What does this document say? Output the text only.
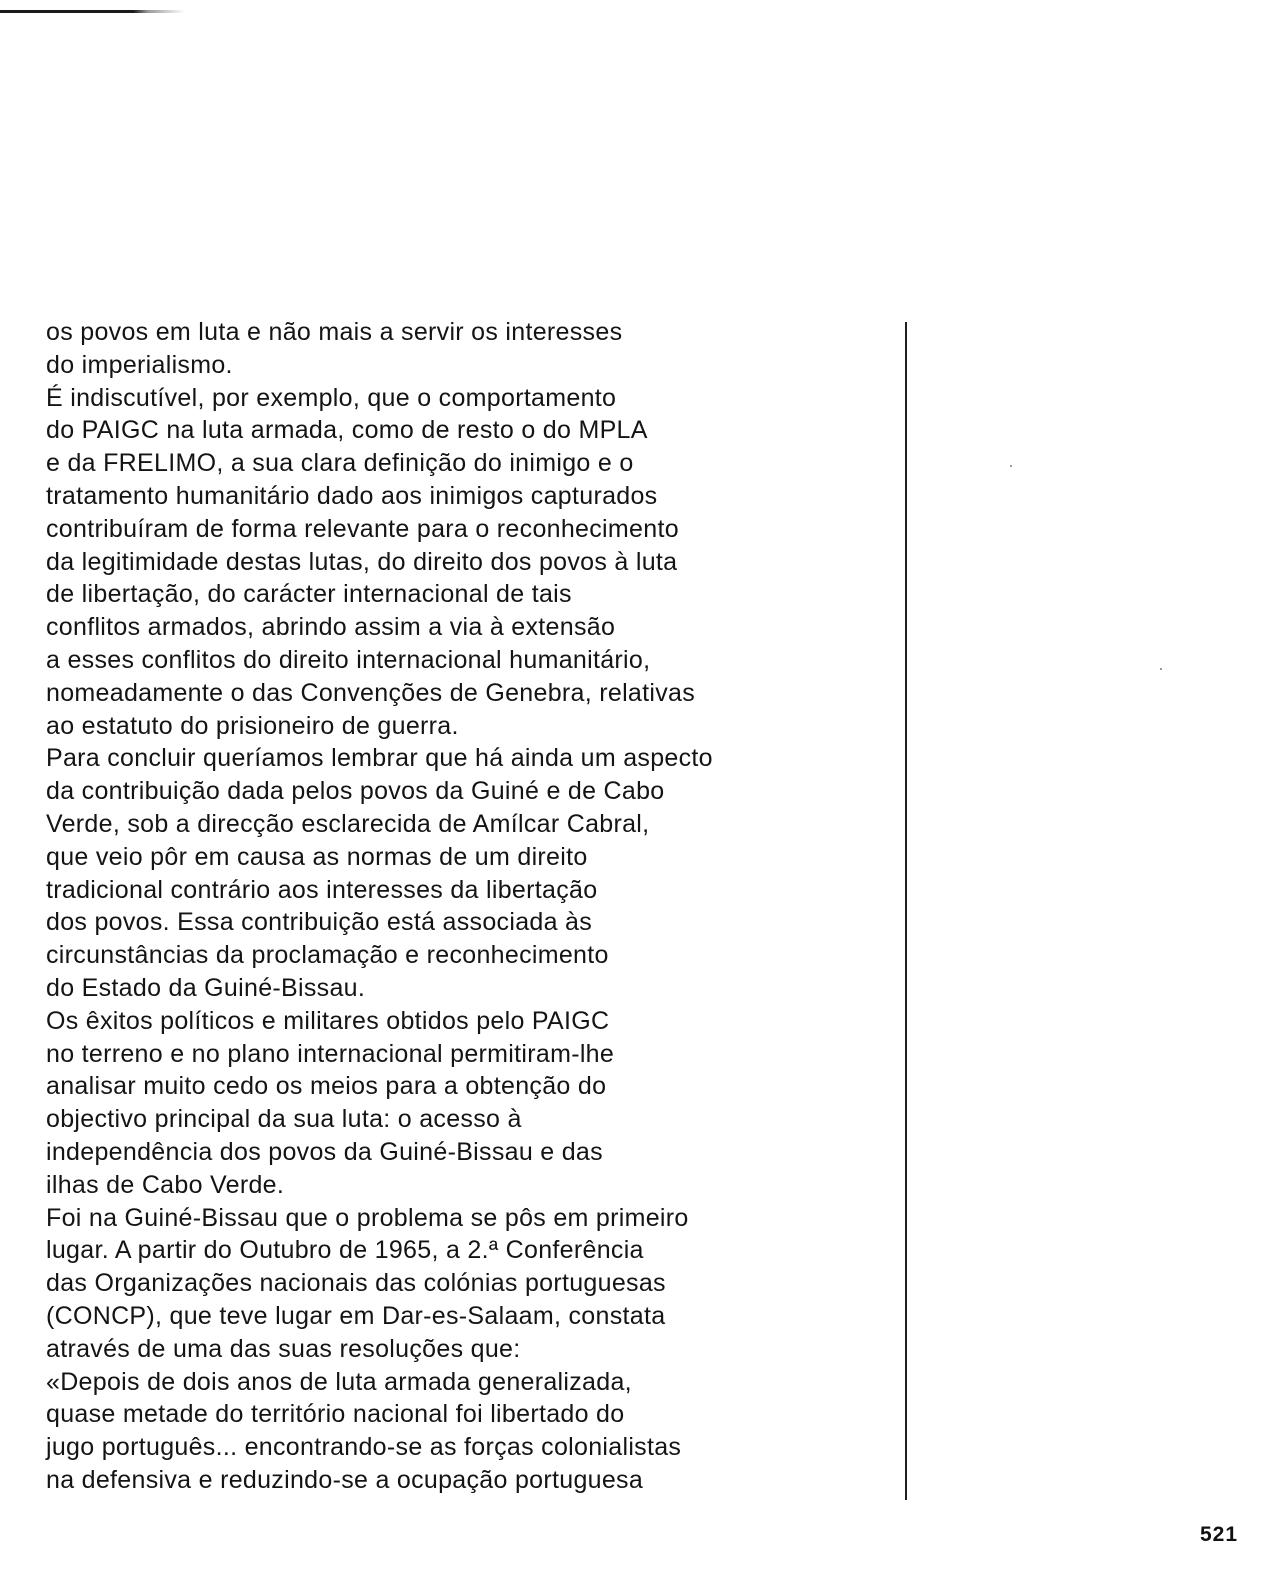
os povos em luta e não mais a servir os interesses
do imperialismo.
É indiscutível, por exemplo, que o comportamento
do PAIGC na luta armada, como de resto o do MPLA
e da FRELIMO, a sua clara definição do inimigo e o
tratamento humanitário dado aos inimigos capturados
contribuíram de forma relevante para o reconhecimento
da legitimidade destas lutas, do direito dos povos à luta
de libertação, do carácter internacional de tais
conflitos armados, abrindo assim a via à extensão
a esses conflitos do direito internacional humanitário,
nomeadamente o das Convenções de Genebra, relativas
ao estatuto do prisioneiro de guerra.
Para concluir queríamos lembrar que há ainda um aspecto
da contribuição dada pelos povos da Guiné e de Cabo
Verde, sob a direcção esclarecida de Amílcar Cabral,
que veio pôr em causa as normas de um direito
tradicional contrário aos interesses da libertação
dos povos. Essa contribuição está associada às
circunstâncias da proclamação e reconhecimento
do Estado da Guiné-Bissau.
Os êxitos políticos e militares obtidos pelo PAIGC
no terreno e no plano internacional permitiram-lhe
analisar muito cedo os meios para a obtenção do
objectivo principal da sua luta: o acesso à
independência dos povos da Guiné-Bissau e das
ilhas de Cabo Verde.
Foi na Guiné-Bissau que o problema se pôs em primeiro
lugar. A partir do Outubro de 1965, a 2.ª Conferência
das Organizações nacionais das colónias portuguesas
(CONCP), que teve lugar em Dar-es-Salaam, constata
através de uma das suas resoluções que:
«Depois de dois anos de luta armada generalizada,
quase metade do território nacional foi libertado do
jugo português... encontrando-se as forças colonialistas
na defensiva e reduzindo-se a ocupação portuguesa
521
